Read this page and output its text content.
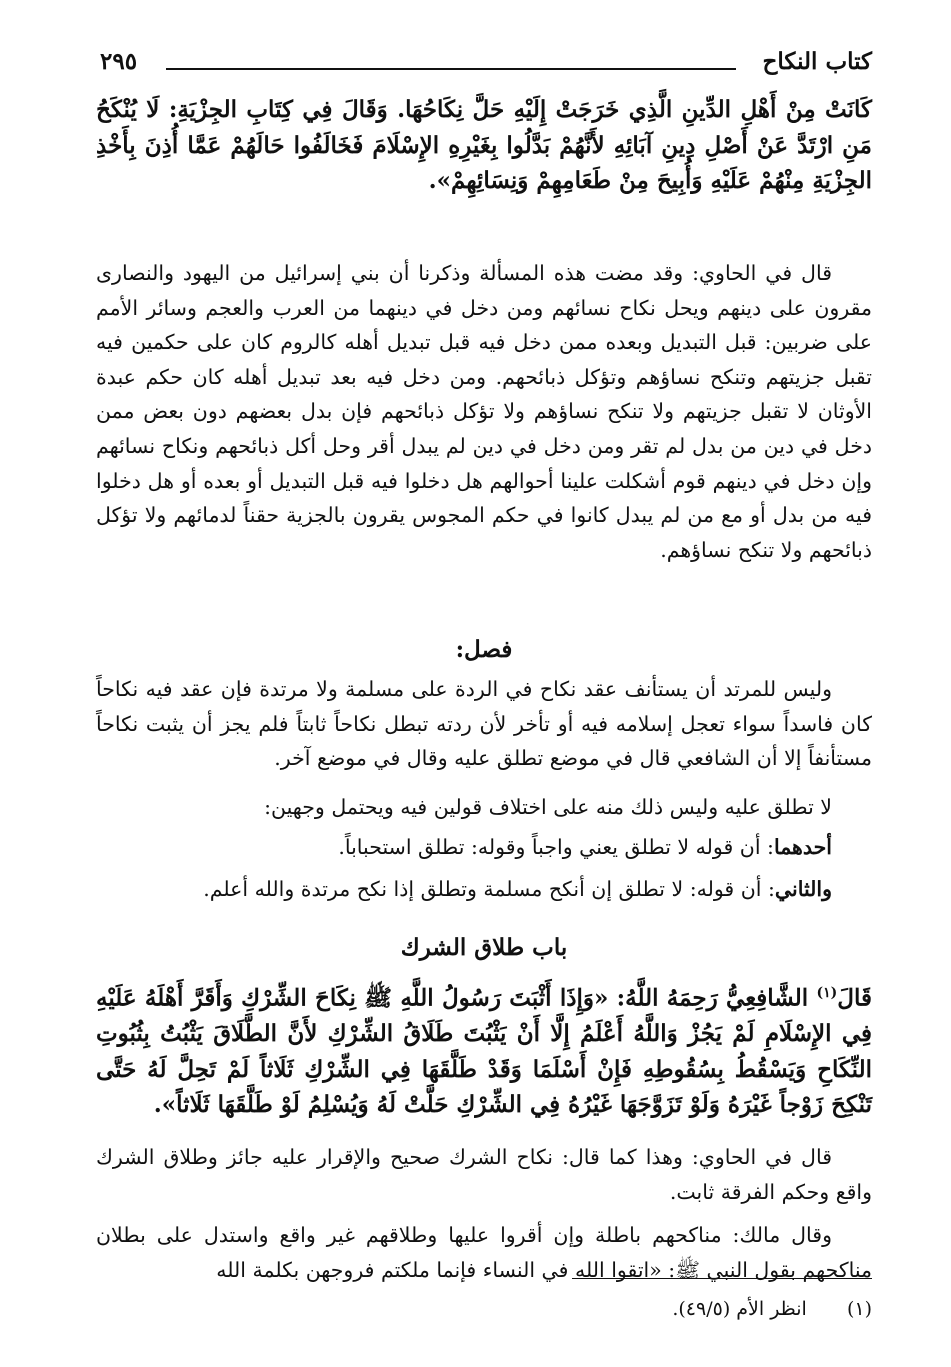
كتاب النكاح
٢٩٥

كَانَتْ مِنْ أَهْلِ الدِّينِ الَّذِي خَرَجَتْ إِلَيْهِ حَلَّ نِكَاحُهَا. وَقَالَ فِي كِتَابِ الجِزْيَةِ: لَا يُنْكَحُ مَنِ ارْتَدَّ عَنْ أَصْلِ دِينِ آبَائِهِ لأَنَّهُمْ بَدَّلُوا بِغَيْرِهِ الإِسْلَامَ فَخَالَفُوا حَالَهُمْ عَمَّا أُذِنَ بِأَخْذِ الجِزْيَةِ مِنْهُمْ عَلَيْهِ وَأُبِيحَ مِنْ طَعَامِهِمْ وَنِسَائِهِمْ».

قال في الحاوي: وقد مضت هذه المسألة وذكرنا أن بني إسرائيل من اليهود والنصارى مقرون على دينهم ويحل نكاح نسائهم ومن دخل في دينهما من العرب والعجم وسائر الأمم على ضربين: قبل التبديل وبعده ممن دخل فيه قبل تبديل أهله كالروم كان على حكمين فيه تقبل جزيتهم وتنكح نساؤهم وتؤكل ذبائحهم. ومن دخل فيه بعد تبديل أهله كان حكم عبدة الأوثان لا تقبل جزيتهم ولا تنكح نساؤهم ولا تؤكل ذبائحهم فإن بدل بعضهم دون بعض ممن دخل في دين من بدل لم تقر ومن دخل في دين لم يبدل أقر وحل أكل ذبائحهم ونكاح نسائهم وإن دخل في دينهم قوم أشكلت علينا أحوالهم هل دخلوا فيه قبل التبديل أو بعده أو هل دخلوا فيه من بدل أو مع من لم يبدل كانوا في حكم المجوس يقرون بالجزية حقناً لدمائهم ولا تؤكل ذبائحهم ولا تنكح نساؤهم.

فصل:

وليس للمرتد أن يستأنف عقد نكاح في الردة على مسلمة ولا مرتدة فإن عقد فيه نكاحاً كان فاسداً سواء تعجل إسلامه فيه أو تأخر لأن ردته تبطل نكاحاً ثابتاً فلم يجز أن يثبت نكاحاً مستأنفاً إلا أن الشافعي قال في موضع تطلق عليه وقال في موضع آخر.

لا تطلق عليه وليس ذلك منه على اختلاف قولين فيه ويحتمل وجهين:

أحدهما: أن قوله لا تطلق يعني واجباً وقوله: تطلق استحباباً.

والثاني: أن قوله: لا تطلق إن أنكح مسلمة وتطلق إذا نكح مرتدة والله أعلم.

باب طلاق الشرك

قَالَ$^{(١)}$ الشَّافِعِيُّ رَحِمَهُ اللَّهُ: «وَإِذَا أَثْبَتَ رَسُولُ اللَّهِ ﷺ نِكَاحَ الشِّرْكِ وَأَقَرَّ أَهْلَهُ عَلَيْهِ فِي الإِسْلَامِ لَمْ يَجُزْ وَاللَّهُ أَعْلَمُ إِلَّا أَنْ يَثْبُتَ طَلَاقُ الشِّرْكِ لأَنَّ الطَّلَاقَ يَثْبُتُ بِثُبُوتِ النِّكَاحِ وَيَسْقُطُ بِسُقُوطِهِ فَإِنْ أَسْلَمَا وَقَدْ طَلَّقَهَا فِي الشِّرْكِ ثَلَاثاً لَمْ تَحِلَّ لَهُ حَتَّى تَنْكِحَ زَوْجاً غَيْرَهُ وَلَوْ تَزَوَّجَهَا غَيْرُهُ فِي الشِّرْكِ حَلَّتْ لَهُ وَيُسْلِمُ لَوْ طَلَّقَهَا ثَلَاثاً».

قال في الحاوي: وهذا كما قال: نكاح الشرك صحيح والإقرار عليه جائز وطلاق الشرك واقع وحكم الفرقة ثابت.

وقال مالك: مناكحهم باطلة وإن أقروا عليها وطلاقهم غير واقع واستدل على بطلان مناكحهم بقول النبي ﷺ: «اتقوا الله في النساء فإنما ملكتم فروجهن بكلمة الله

(١)  انظر الأم (٤٩/٥).
